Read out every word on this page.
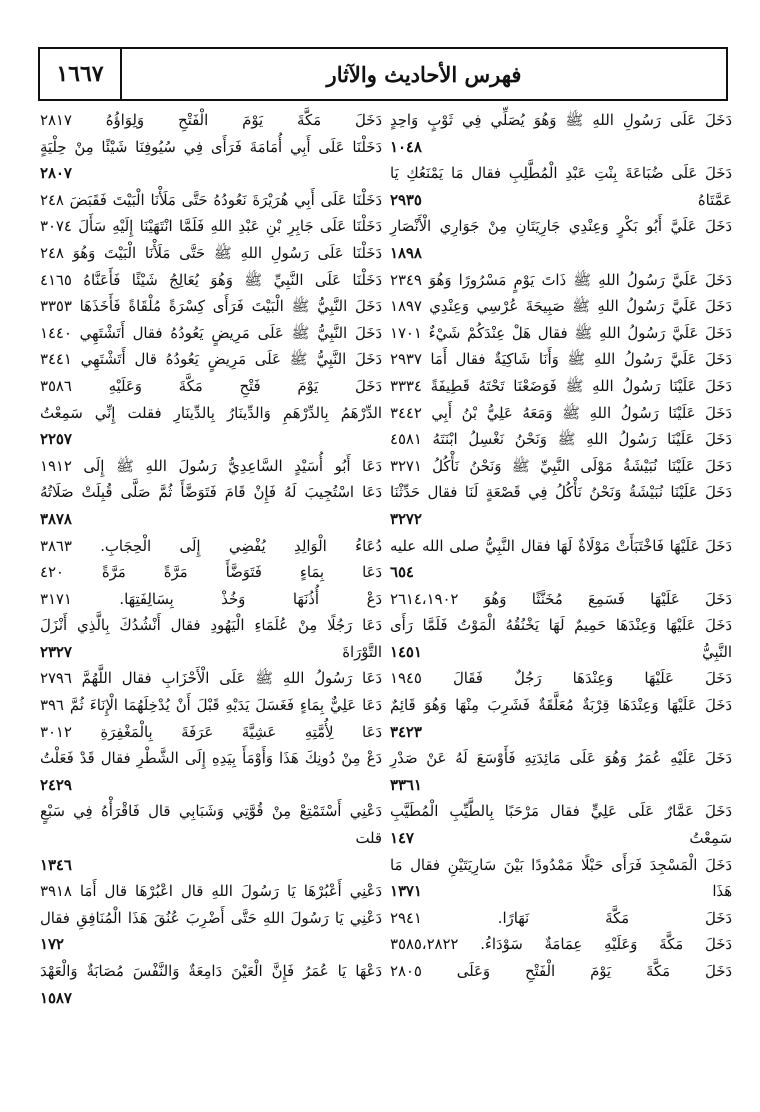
١٦٦٧	فهرس الأحاديث والآثار
دَخَلَ عَلَى رَسُولِ اللهِ ﷺ وَهُوَ يُصَلِّي فِي ثَوْبٍ وَاحِدٍ
١٠٤٨
دَخَلَ عَلَى ضُبَاعَةَ بِنْتِ عَبْدِ الْمُطَّلِبِ فقال مَا يَمْنَعُكِ يَا
عَمَّتَاهُ
٢٩٣٥
دَخَلَ عَلَيَّ أَبُو بَكْرٍ وَعِنْدِي جَارِيَتَانِ مِنْ جَوَارِي الْأَنْصَارِ
١٨٩٨
دَخَلَ عَلَيَّ رَسُولُ اللهِ ﷺ ذَاتَ يَوْمٍ مَسْرُورًا وَهُوَ ٢٣٤٩
دَخَلَ عَلَيَّ رَسُولُ اللهِ ﷺ صَبِيحَةَ عُرْسِي وَعِنْدِي ١٨٩٧
دَخَلَ عَلَيَّ رَسُولُ اللهِ ﷺ فقال هَلْ عِنْدَكُمْ شَيْءٌ ١٧٠١
دَخَلَ عَلَيَّ رَسُولُ اللهِ ﷺ وَأَنَا شَاكِيَةٌ فقال أَمَا ٢٩٣٧
دَخَلَ عَلَيْنَا رَسُولُ اللهِ ﷺ فَوَضَعْنَا تَحْتَهُ قَطِيفَةً ٣٣٣٤
دَخَلَ عَلَيْنَا رَسُولُ اللهِ ﷺ وَمَعَهُ عَلِيُّ بْنُ أَبِي ٣٤٤٢
دَخَلَ عَلَيْنَا رَسُولُ اللهِ ﷺ وَنَحْنُ نَغْسِلُ ابْنَتَهُ ٤٥٨١
دَخَلَ عَلَيْنَا نُبَيْشَةُ مَوْلَى النَّبِيِّ ﷺ وَنَحْنُ نَأْكُلُ ٣٢٧١
دَخَلَ عَلَيْنَا نُبَيْشَةُ وَنَحْنُ نَأْكُلُ فِي قَصْعَةٍ لَنَا فقال حَدِّثْنَا
٣٢٧٢
دَخَلَ عَلَيْهَا فَاخْتَبَأَتْ مَوْلَاةٌ لَهَا فقال النَّبِيُّ صلى الله عليه
٦٥٤
دَخَلَ عَلَيْهَا فَسَمِعَ مُخَنَّثًا وَهُوَ ٢٦١٤،١٩٠٢
دَخَلَ عَلَيْهَا وَعِنْدَهَا حَمِيمٌ لَهَا يَخْنُقُهُ الْمَوْتُ فَلَمَّا رَأَى
النَّبِيُّ
١٤٥١
دَخَلَ عَلَيْهَا وَعِنْدَهَا رَجُلٌ فَقَالَ ١٩٤٥
دَخَلَ عَلَيْهَا وَعِنْدَهَا قِرْبَةٌ مُعَلَّقَةٌ فَشَرِبَ مِنْهَا وَهُوَ قَائِمٌ
٣٤٢٣
دَخَلَ عَلَيْهِ عُمَرُ وَهُوَ عَلَى مَائِدَتِهِ فَأَوْسَعَ لَهُ عَنْ صَدْرِ
٣٣٦١
دَخَلَ عَمَّارٌ عَلَى عَلِيٍّ فقال مَرْحَبًا بِالطَّيِّبِ الْمُطَيَّبِ
سَمِعْتُ
١٤٧
دَخَلَ الْمَسْجِدَ فَرَأَى حَبْلًا مَمْدُودًا بَيْنَ سَارِيَتَيْنِ فقال مَا
هَذَا
١٣٧١
دَخَلَ مَكَّةَ نَهَارًا. ٢٩٤١
دَخَلَ مَكَّةَ وَعَلَيْهِ عِمَامَةٌ سَوْدَاءُ. ٣٥٨٥،٢٨٢٢
دَخَلَ مَكَّةَ يَوْمَ الْفَتْحِ وَعَلَى ٢٨٠٥
دَخَلَ مَكَّةَ يَوْمَ الْفَتْحِ وَلِوَاؤُهُ ٢٨١٧
دَخَلْنَا عَلَى أَبِي أُمَامَةَ فَرَأَى فِي سُيُوفِنَا شَيْئًا مِنْ حِلْيَةٍ
٢٨٠٧
دَخَلْنَا عَلَى أَبِي هُرَيْرَةَ نَعُودُهُ حَتَّى مَلَأْنَا الْبَيْتَ فَقَبَضَ ٢٤٨
دَخَلْنَا عَلَى جَابِرِ بْنِ عَبْدِ اللهِ فَلَمَّا انْتَهَيْنَا إِلَيْهِ سَأَلَ ٣٠٧٤
دَخَلْنَا عَلَى رَسُولِ اللهِ ﷺ حَتَّى مَلَأْنَا الْبَيْتَ وَهُوَ ٢٤٨
دَخَلْنَا عَلَى النَّبِيِّ ﷺ وَهُوَ يُعَالِجُ شَيْئًا فَأَعَنَّاهُ ٤١٦٥
دَخَلَ النَّبِيُّ ﷺ الْبَيْتَ فَرَأَى كِسْرَةً مُلْقَاةً فَأَخَذَهَا ٣٣٥٣
دَخَلَ النَّبِيُّ ﷺ عَلَى مَرِيضٍ يَعُودُهُ فقال أَتَشْتَهِي ١٤٤٠
دَخَلَ النَّبِيُّ ﷺ عَلَى مَرِيضٍ يَعُودُهُ قال أَتَشْتَهِي ٣٤٤١
دَخَلَ يَوْمَ فَتْحِ مَكَّةَ وَعَلَيْهِ ٣٥٨٦
الدِّرْهَمُ بِالدِّرْهَمِ وَالدِّينَارُ بِالدِّينَارِ فقلت إِنِّي سَمِعْتُ
٢٢٥٧
دَعَا أَبُو أُسَيْدٍ السَّاعِدِيُّ رَسُولَ اللهِ ﷺ إِلَى ١٩١٢
دَعَا اسْتُجِيبَ لَهُ فَإِنْ قَامَ فَتَوَضَّأَ ثُمَّ صَلَّى قُبِلَتْ صَلَاتُهُ
٣٨٧٨
دُعَاءُ الْوَالِدِ يُفْضِي إِلَى الْحِجَابِ. ٣٨٦٣
دَعَا بِمَاءٍ فَتَوَضَّأَ مَرَّةً مَرَّةً ٤٢٠
دَعْ أُذُنَهَا وَخُذْ بِسَالِفَتِهَا. ٣١٧١
دَعَا رَجُلًا مِنْ عُلَمَاءِ الْيَهُودِ فقال أَنْشُدُكَ بِالَّذِي أَنْزَلَ
التَّوْرَاةَ
٢٣٢٧
دَعَا رَسُولُ اللهِ ﷺ عَلَى الْأَحْزَابِ فقال اللَّهُمَّ ٢٧٩٦
دَعَا عَلِيٌّ بِمَاءٍ فَغَسَلَ يَدَيْهِ قَبْلَ أَنْ يُدْخِلَهُمَا الْإِنَاءَ ثُمَّ ٣٩٦
دَعَا لِأُمَّتِهِ عَشِيَّةَ عَرَفَةَ بِالْمَغْفِرَةِ ٣٠١٢
دَعْ مِنْ دُونِكَ هَذَا وَأَوْمَأَ بِيَدِهِ إِلَى الشَّطْرِ فقال قَدْ فَعَلْتُ
٢٤٢٩
دَعْنِي أَسْتَمْتِعْ مِنْ قُوَّتِي وَشَبَابِي قال فَاقْرَأْهُ فِي سَبْعٍ قلت
١٣٤٦
دَعْنِي أَعْبُرْهَا يَا رَسُولَ اللهِ قال اعْبُرْهَا قال أَمَا ٣٩١٨
دَعْنِي يَا رَسُولَ اللهِ حَتَّى أَضْرِبَ عُنُقَ هَذَا الْمُنَافِقِ فقال
١٧٢
دَعْهَا يَا عُمَرُ فَإِنَّ الْعَيْنَ دَامِعَةٌ وَالنَّفْسَ مُصَابَةٌ وَالْعَهْدَ
١٥٨٧
